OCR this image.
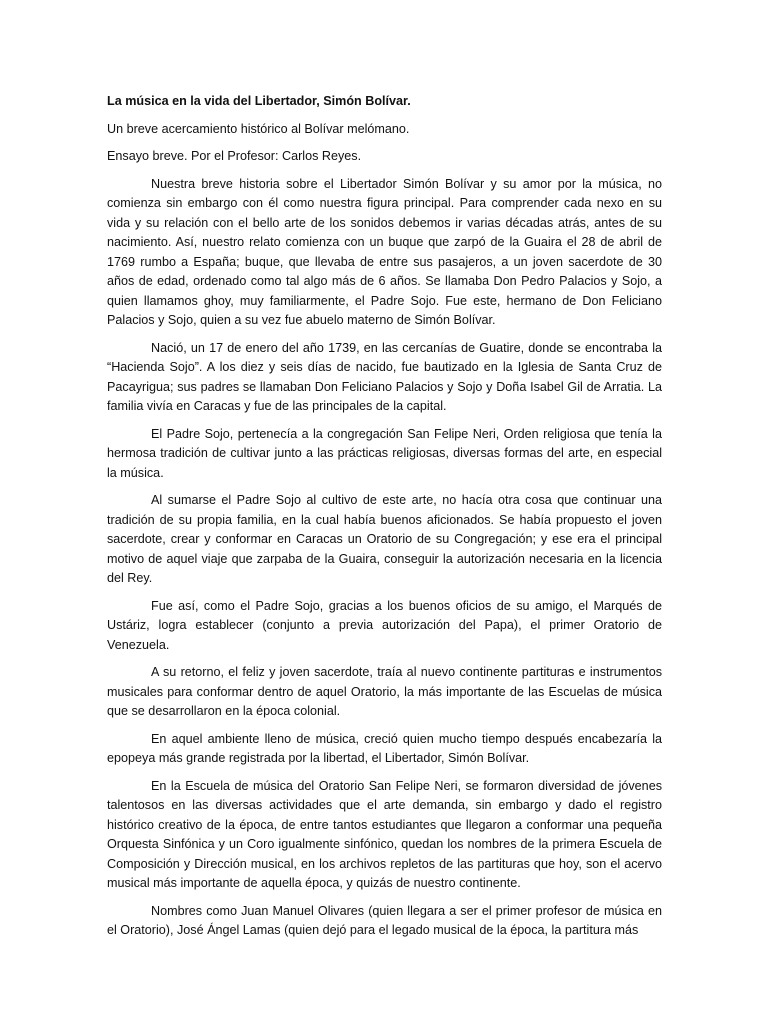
La música en la vida del Libertador, Simón Bolívar.

Un breve acercamiento histórico al Bolívar melómano.

Ensayo breve. Por el Profesor: Carlos Reyes.

Nuestra breve historia sobre el Libertador Simón Bolívar y su amor por la música, no comienza sin embargo con él como nuestra figura principal. Para comprender cada nexo en su vida y su relación con el bello arte de los sonidos debemos ir varias décadas atrás, antes de su nacimiento. Así, nuestro relato comienza con un buque que zarpó de la Guaira el 28 de abril de 1769 rumbo a España; buque, que llevaba de entre sus pasajeros, a un joven sacerdote de 30 años de edad, ordenado como tal algo más de 6 años. Se llamaba Don Pedro Palacios y Sojo, a quien llamamos ghoy, muy familiarmente, el Padre Sojo. Fue este, hermano de Don Feliciano Palacios y Sojo, quien a su vez fue abuelo materno de Simón Bolívar.

Nació, un 17 de enero del año 1739, en las cercanías de Guatire, donde se encontraba la “Hacienda Sojo”. A los diez y seis días de nacido, fue bautizado en la Iglesia de Santa Cruz de Pacayrigua; sus padres se llamaban Don Feliciano Palacios y Sojo y Doña Isabel Gil de Arratia. La familia vivía en Caracas y fue de las principales de la capital.

El Padre Sojo, pertenecía a la congregación San Felipe Neri, Orden religiosa que tenía la hermosa tradición de cultivar junto a las prácticas religiosas, diversas formas del arte, en especial la música.

Al sumarse el Padre Sojo al cultivo de este arte, no hacía otra cosa que continuar una tradición de su propia familia, en la cual había buenos aficionados. Se había propuesto el joven sacerdote, crear y conformar en Caracas un Oratorio de su Congregación; y ese era el principal motivo de aquel viaje que zarpaba de la Guaira, conseguir la autorización necesaria en la licencia del Rey.

Fue así, como el Padre Sojo, gracias a los buenos oficios de su amigo, el Marqués de Ustáriz, logra establecer (conjunto a previa autorización del Papa), el primer Oratorio de Venezuela.

A su retorno, el feliz y joven sacerdote, traía al nuevo continente partituras e instrumentos musicales para conformar dentro de aquel Oratorio, la más importante de las Escuelas de música que se desarrollaron en la época colonial.

En aquel ambiente lleno de música, creció quien mucho tiempo después encabezaría la epopeya más grande registrada por la libertad, el Libertador, Simón Bolívar.

En la Escuela de música del Oratorio San Felipe Neri, se formaron diversidad de jóvenes talentosos en las diversas actividades que el arte demanda, sin embargo y dado el registro histórico creativo de la época, de entre tantos estudiantes que llegaron a conformar una pequeña Orquesta Sinfónica y un Coro igualmente sinfónico, quedan los nombres de la primera Escuela de Composición y Dirección musical, en los archivos repletos de las partituras que hoy, son el acervo musical más importante de aquella época, y quizás de nuestro continente.

Nombres como Juan Manuel Olivares (quien llegara a ser el primer profesor de música en el Oratorio), José Ángel Lamas (quien dejó para el legado musical de la época, la partitura más
